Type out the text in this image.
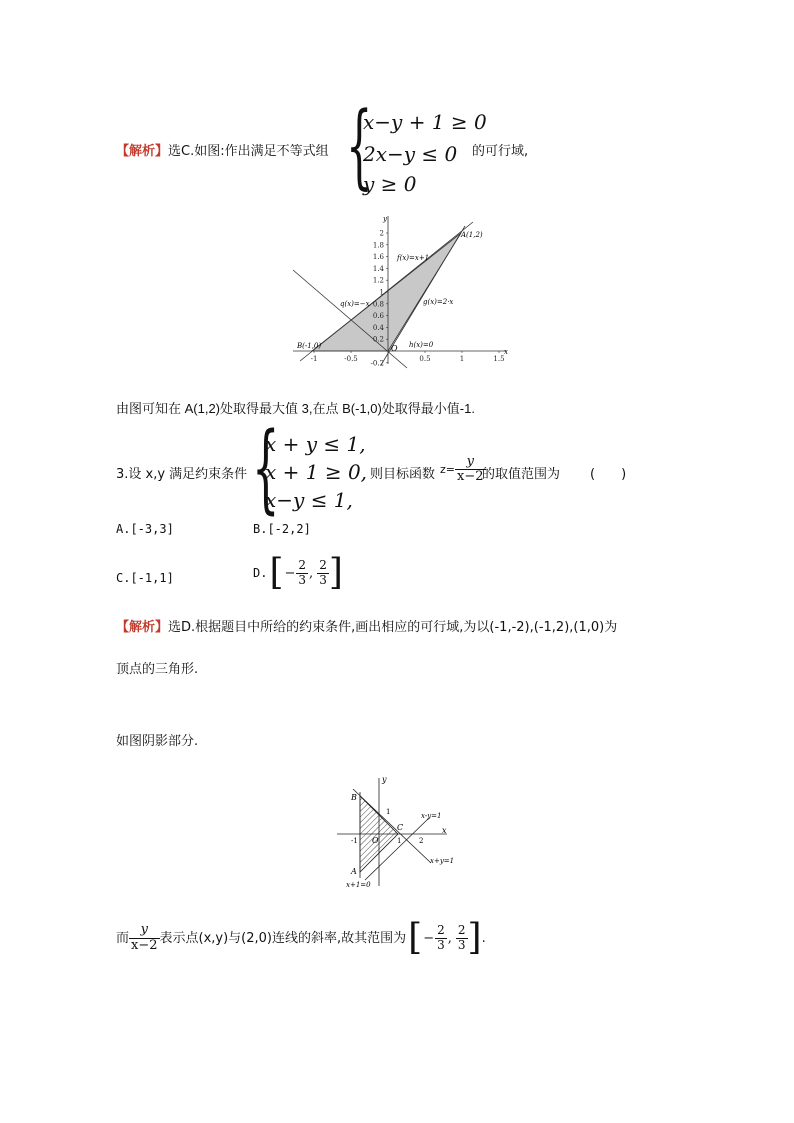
【解析】选C.如图:作出满足不等式组 {
x−y + 1 ≥ 0
2x−y ≤ 0
y ≥ 0
的可行域,
2
1.8
1.6
1.4
1.2
1
0.8
0.6
0.4
0.2
-0.2
-1	-0.5	0.5	1	1.5
y
x
O
A(1,2)
B(-1,0)
f(x)=x+1
g(x)=2·x
q(x)=−x
h(x)=0
由图可知在 A(1,2)处取得最大值 3,在点 B(-1,0)处取得最小值-1.
3.设 x,y 满足约束条件 {
x + y ≤ 1,
x + 1 ≥ 0,
x−y ≤ 1,
则目标函数 $z= \frac{y}{x-2}$
的取值范围为 (　　)
A.[-3,3]	B.[-2,2]
C.[-1,1]	D. [ − $\frac{2}{3}$ , $\frac{2}{3}$ ]
【解析】选D.根据题目中所给的约束条件,画出相应的可行域,为以(-1,-2),(-1,2),(1,0)为
顶点的三角形.
如图阴影部分.
y
x
B
A
C
O
1
1	2
-1
x-y=1
x+y=1
x+1=0
而 $\frac{y}{x-2}$ 表示点(x,y)与(2,0)连线的斜率,故其范围为 [ − $\frac{2}{3}$ , $\frac{2}{3}$ ] .
